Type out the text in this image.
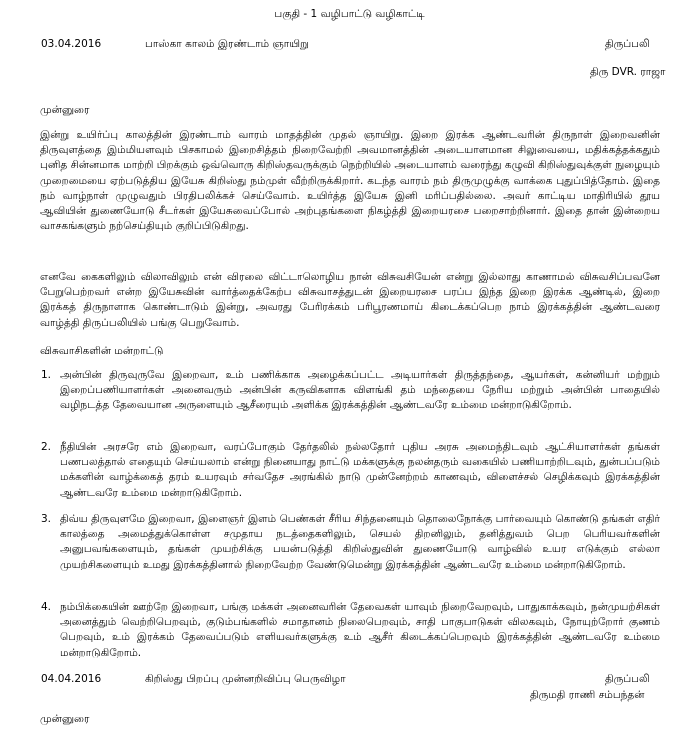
பகுதி - 1 வழிபாட்டு வழிகாட்டி
03.04.2016	பாஸ்கா காலம் இரண்டாம் ஞாயிறு	திருப்பலி
திரு DVR. ராஜா
முன்னுரை
இன்று உயிர்ப்பு காலத்தின் இரண்டாம் வாரம் மாதத்தின் முதல் ஞாயிறு. இறை இரக்க ஆண்டவரின் திருநாள் இறைவனின் திருவுளத்தை இம்மியளவும் பிசகாமல் இறைசித்தம் நிறைவேற்றி அவமானத்தின் அடையாளமான சிலுவையை, மதிக்கத்தக்கதும் புனித சின்னமாக மாற்றி பிறக்கும் ஒவ்வொரு கிறிஸ்தவருக்கும் நெற்றியில் அடையாளம் வரைந்து கழுவி கிறிஸ்துவுக்குள் நுழையும் முறைமையை ஏற்படுத்திய இயேசு கிறிஸ்து நம்முள் வீற்றிருக்கிறார். கடந்த வாரம் நம் திருமுழுக்கு வாக்கை புதுப்பித்தோம். இதை நம் வாழ்நாள் முழுவதும் பிரதிபலிக்கச் செய்வோம். உயிர்த்த இயேசு இனி மரிப்பதில்லை. அவர் காட்டிய மாதிரியில் தூய ஆவியின் துணையோடு சீடர்கள் இயேசுவைப்போல் அற்புதங்களை நிகழ்த்தி இறையரசை பறைசாற்றினார். இதை தான் இன்றைய வாசகங்களும் நற்செய்தியும் குறிப்பிடுகிறது.
எனவே கைகளிலும் விலாவிலும் என் விரலை விட்டாலொழிய நான் விசுவசியேன் என்று இல்லாது காணாமல் விசுவசிப்பவனே பேறுபெற்றவர் என்ற இயேசுவின் வார்த்தைக்கேற்ப விசுவாசத்துடன் இறையரசை பரப்ப இந்த இறை இரக்க ஆண்டில், இறை இரக்கத் திருநாளாக கொண்டாடும் இன்று, அவரது பேரிரக்கம் பரிபூரணமாய் கிடைக்கப்பெற நாம் இரக்கத்தின் ஆண்டவரை வாழ்த்தி திருப்பலியில் பங்கு பெறுவோம்.
விசுவாசிகளின் மன்றாட்டு
1. அன்பின் திருவுருவே இறைவா, உம் பணிக்காக அழைக்கப்பட்ட அடியார்கள் திருத்தந்தை, ஆயர்கள், கன்னியர் மற்றும் இறைப்பணியாளர்கள் அனைவரும் அன்பின் கருவிகளாக விளங்கி தம் மந்தையை நேரிய மற்றும் அன்பின் பாதையில் வழிநடத்த தேவையான அருளையும் ஆசீரையும் அளிக்க இரக்கத்தின் ஆண்டவரே உம்மை மன்றாடுகிறோம்.
2. நீதியின் அரசரே எம் இறைவா, வரப்போகும் தேர்தலில் நல்லதோர் புதிய அரசு அமைந்திடவும் ஆட்சியாளர்கள் தங்கள் பணபலத்தால் எதையும் செய்யலாம் என்று நினையாது நாட்டு மக்களுக்கு நலன்தரும் வகையில் பணியாற்றிடவும், துன்பப்படும் மக்களின் வாழ்க்கைத் தரம் உயரவும் சர்வதேச அரங்கில் நாடு முன்னேற்றம் காணவும், விளைச்சல் செழிக்கவும் இரக்கத்தின் ஆண்டவரே உம்மை மன்றாடுகிறோம்.
3. திவ்ய திருவுளமே இறைவா, இளைஞர் இளம் பெண்கள் சீரிய சிந்தனையும் தொலைநோக்கு பார்வையும் கொண்டு தங்கள் எதிர் காலத்தை அமைத்துக்கொள்ள சமுதாய நடத்தைகளிலும், செயல் திறனிலும், தனித்துவம் பெற பெரியவர்களின் அனுபவங்களையும், தங்கள் முயற்சிக்கு பயன்படுத்தி கிறிஸ்துவின் துணையோடு வாழ்வில் உயர எடுக்கும் எல்லா முயற்சிகளையும் உமது இரக்கத்தினால் நிறைவேற்ற வேண்டுமென்று இரக்கத்தின் ஆண்டவரே உம்மை மன்றாடுகிறோம்.
4. நம்பிக்கையின் ஊற்றே இறைவா, பங்கு மக்கள் அனைவரின் தேவைகள் யாவும் நிறைவேறவும், பாதுகாக்கவும், நன்முயற்சிகள் அனைத்தும் வெற்றிபெறவும், குடும்பங்களில் சமாதானம் நிலைபெறவும், சாதி பாகுபாடுகள் விலகவும், நோயுற்றோர் குணம் பெறவும், உம் இரக்கம் தேவைப்படும் எளியவர்களுக்கு உம் ஆசீர் கிடைக்கப்பெறவும் இரக்கத்தின் ஆண்டவரே உம்மை மன்றாடுகிறோம்.
04.04.2016	கிறிஸ்து பிறப்பு முன்னறிவிப்பு பெருவிழா	திருப்பலி
திருமதி ராணி சம்பந்தன்
முன்னுரை
